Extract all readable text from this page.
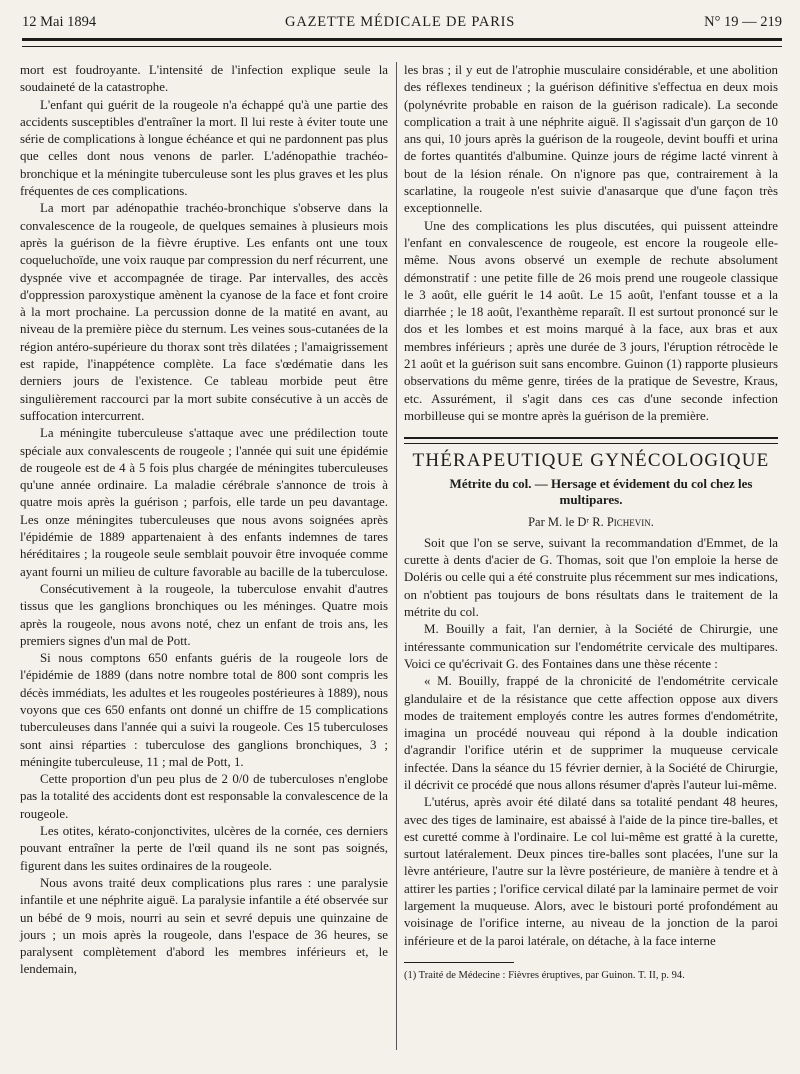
12 Mai 1894	GAZETTE MÉDICALE DE PARIS	N° 19 — 219

mort est foudroyante. L'intensité de l'infection explique seule la soudaineté de la catastrophe.

L'enfant qui guérit de la rougeole n'a échappé qu'à une partie des accidents susceptibles d'entraîner la mort. Il lui reste à éviter toute une série de complications à longue échéance et qui ne pardonnent pas plus que celles dont nous venons de parler. L'adénopathie trachéo-bronchique et la méningite tuberculeuse sont les plus graves et les plus fréquentes de ces complications.

La mort par adénopathie trachéo-bronchique s'observe dans la convalescence de la rougeole, de quelques semaines à plusieurs mois après la guérison de la fièvre éruptive. Les enfants ont une toux coqueluchoïde, une voix rauque par compression du nerf récurrent, une dyspnée vive et accompagnée de tirage. Par intervalles, des accès d'oppression paroxystique amènent la cyanose de la face et font croire à la mort prochaine. La percussion donne de la matité en avant, au niveau de la première pièce du sternum. Les veines sous-cutanées de la région antéro-supérieure du thorax sont très dilatées ; l'amaigrissement est rapide, l'inappétence complète. La face s'œdématie dans les derniers jours de l'existence. Ce tableau morbide peut être singulièrement raccourci par la mort subite consécutive à un accès de suffocation intercurrent.

La méningite tuberculeuse s'attaque avec une prédilection toute spéciale aux convalescents de rougeole ; l'année qui suit une épidémie de rougeole est de 4 à 5 fois plus chargée de méningites tuberculeuses qu'une année ordinaire. La maladie cérébrale s'annonce de trois à quatre mois après la guérison ; parfois, elle tarde un peu davantage. Les onze méningites tuberculeuses que nous avons soignées après l'épidémie de 1889 appartenaient à des enfants indemnes de tares héréditaires ; la rougeole seule semblait pouvoir être invoquée comme ayant fourni un milieu de culture favorable au bacille de la tuberculose.

Consécutivement à la rougeole, la tuberculose envahit d'autres tissus que les ganglions bronchiques ou les méninges. Quatre mois après la rougeole, nous avons noté, chez un enfant de trois ans, les premiers signes d'un mal de Pott.

Si nous comptons 650 enfants guéris de la rougeole lors de l'épidémie de 1889 (dans notre nombre total de 800 sont compris les décès immédiats, les adultes et les rougeoles postérieures à 1889), nous voyons que ces 650 enfants ont donné un chiffre de 15 complications tuberculeuses dans l'année qui a suivi la rougeole. Ces 15 tuberculoses sont ainsi réparties : tuberculose des ganglions bronchiques, 3 ; méningite tuberculeuse, 11 ; mal de Pott, 1.

Cette proportion d'un peu plus de 2 0/0 de tuberculoses n'englobe pas la totalité des accidents dont est responsable la convalescence de la rougeole.

Les otites, kérato-conjonctivites, ulcères de la cornée, ces derniers pouvant entraîner la perte de l'œil quand ils ne sont pas soignés, figurent dans les suites ordinaires de la rougeole.

Nous avons traité deux complications plus rares : une paralysie infantile et une néphrite aiguë. La paralysie infantile a été observée sur un bébé de 9 mois, nourri au sein et sevré depuis une quinzaine de jours ; un mois après la rougeole, dans l'espace de 36 heures, se paralysent complètement d'abord les membres inférieurs et, le lendemain,

les bras ; il y eut de l'atrophie musculaire considérable, et une abolition des réflexes tendineux ; la guérison définitive s'effectua en deux mois (polynévrite probable en raison de la guérison radicale). La seconde complication a trait à une néphrite aiguë. Il s'agissait d'un garçon de 10 ans qui, 10 jours après la guérison de la rougeole, devint bouffi et urina de fortes quantités d'albumine. Quinze jours de régime lacté vinrent à bout de la lésion rénale. On n'ignore pas que, contrairement à la scarlatine, la rougeole n'est suivie d'anasarque que d'une façon très exceptionnelle.

Une des complications les plus discutées, qui puissent atteindre l'enfant en convalescence de rougeole, est encore la rougeole elle-même. Nous avons observé un exemple de rechute absolument démonstratif : une petite fille de 26 mois prend une rougeole classique le 3 août, elle guérit le 14 août. Le 15 août, l'enfant tousse et a la diarrhée ; le 18 août, l'exanthème reparaît. Il est surtout prononcé sur le dos et les lombes et est moins marqué à la face, aux bras et aux membres inférieurs ; après une durée de 3 jours, l'éruption rétrocède le 21 août et la guérison suit sans encombre. Guinon (1) rapporte plusieurs observations du même genre, tirées de la pratique de Sevestre, Kraus, etc. Assurément, il s'agit dans ces cas d'une seconde infection morbilleuse qui se montre après la guérison de la première.

THÉRAPEUTIQUE GYNÉCOLOGIQUE

Métrite du col. — Hersage et évidement du col chez les multipares.

Par M. le Dʳ R. Pichevin.

Soit que l'on se serve, suivant la recommandation d'Emmet, de la curette à dents d'acier de G. Thomas, soit que l'on emploie la herse de Doléris ou celle qui a été construite plus récemment sur mes indications, on n'obtient pas toujours de bons résultats dans le traitement de la métrite du col.

M. Bouilly a fait, l'an dernier, à la Société de Chirurgie, une intéressante communication sur l'endométrite cervicale des multipares. Voici ce qu'écrivait G. des Fontaines dans une thèse récente :

« M. Bouilly, frappé de la chronicité de l'endométrite cervicale glandulaire et de la résistance que cette affection oppose aux divers modes de traitement employés contre les autres formes d'endométrite, imagina un procédé nouveau qui répond à la double indication d'agrandir l'orifice utérin et de supprimer la muqueuse cervicale infectée. Dans la séance du 15 février dernier, à la Société de Chirurgie, il décrivit ce procédé que nous allons résumer d'après l'auteur lui-même.

L'utérus, après avoir été dilaté dans sa totalité pendant 48 heures, avec des tiges de laminaire, est abaissé à l'aide de la pince tire-balles, et est curetté comme à l'ordinaire. Le col lui-même est gratté à la curette, surtout latéralement. Deux pinces tire-balles sont placées, l'une sur la lèvre antérieure, l'autre sur la lèvre postérieure, de manière à tendre et à attirer les parties ; l'orifice cervical dilaté par la laminaire permet de voir largement la muqueuse. Alors, avec le bistouri porté profondément au voisinage de l'orifice interne, au niveau de la jonction de la paroi inférieure et de la paroi latérale, on détache, à la face interne

(1) Traité de Médecine : Fièvres éruptives, par Guinon. T. II, p. 94.
